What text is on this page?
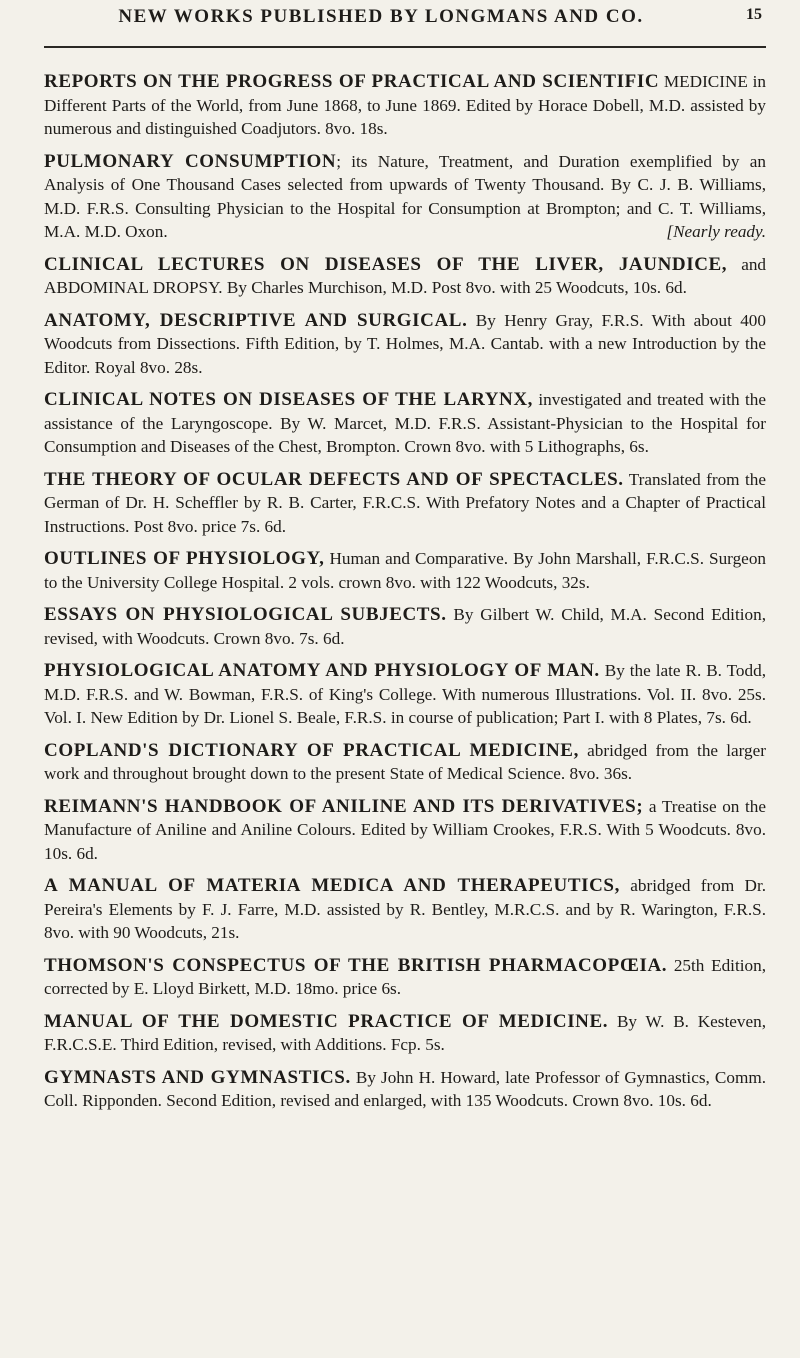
NEW WORKS PUBLISHED BY LONGMANS AND CO.	15

REPORTS ON THE PROGRESS OF PRACTICAL AND SCIENTIFIC MEDICINE in Different Parts of the World, from June 1868, to June 1869. Edited by Horace Dobell, M.D. assisted by numerous and distinguished Coadjutors. 8vo. 18s.

PULMONARY CONSUMPTION; its Nature, Treatment, and Duration exemplified by an Analysis of One Thousand Cases selected from upwards of Twenty Thousand. By C. J. B. Williams, M.D. F.R.S. Consulting Physician to the Hospital for Consumption at Brompton; and C. T. Williams, M.A. M.D. Oxon.	[Nearly ready.

CLINICAL LECTURES ON DISEASES OF THE LIVER, JAUNDICE, and ABDOMINAL DROPSY. By Charles Murchison, M.D. Post 8vo. with 25 Woodcuts, 10s. 6d.

ANATOMY, DESCRIPTIVE AND SURGICAL. By Henry Gray, F.R.S. With about 400 Woodcuts from Dissections. Fifth Edition, by T. Holmes, M.A. Cantab. with a new Introduction by the Editor. Royal 8vo. 28s.

CLINICAL NOTES ON DISEASES OF THE LARYNX, investigated and treated with the assistance of the Laryngoscope. By W. Marcet, M.D. F.R.S. Assistant-Physician to the Hospital for Consumption and Diseases of the Chest, Brompton. Crown 8vo. with 5 Lithographs, 6s.

THE THEORY OF OCULAR DEFECTS AND OF SPECTACLES. Translated from the German of Dr. H. Scheffler by R. B. Carter, F.R.C.S. With Prefatory Notes and a Chapter of Practical Instructions. Post 8vo. price 7s. 6d.

OUTLINES OF PHYSIOLOGY, Human and Comparative. By John Marshall, F.R.C.S. Surgeon to the University College Hospital. 2 vols. crown 8vo. with 122 Woodcuts, 32s.

ESSAYS ON PHYSIOLOGICAL SUBJECTS. By Gilbert W. Child, M.A. Second Edition, revised, with Woodcuts. Crown 8vo. 7s. 6d.

PHYSIOLOGICAL ANATOMY AND PHYSIOLOGY OF MAN. By the late R. B. Todd, M.D. F.R.S. and W. Bowman, F.R.S. of King's College. With numerous Illustrations. Vol. II. 8vo. 25s. Vol. I. New Edition by Dr. Lionel S. Beale, F.R.S. in course of publication; Part I. with 8 Plates, 7s. 6d.

COPLAND'S DICTIONARY OF PRACTICAL MEDICINE, abridged from the larger work and throughout brought down to the present State of Medical Science. 8vo. 36s.

REIMANN'S HANDBOOK OF ANILINE AND ITS DERIVATIVES; a Treatise on the Manufacture of Aniline and Aniline Colours. Edited by William Crookes, F.R.S. With 5 Woodcuts. 8vo. 10s. 6d.

A MANUAL OF MATERIA MEDICA AND THERAPEUTICS, abridged from Dr. Pereira's Elements by F. J. Farre, M.D. assisted by R. Bentley, M.R.C.S. and by R. Warington, F.R.S. 8vo. with 90 Woodcuts, 21s.

THOMSON'S CONSPECTUS OF THE BRITISH PHARMACOPŒIA. 25th Edition, corrected by E. Lloyd Birkett, M.D. 18mo. price 6s.

MANUAL OF THE DOMESTIC PRACTICE OF MEDICINE. By W. B. Kesteven, F.R.C.S.E. Third Edition, revised, with Additions. Fcp. 5s.

GYMNASTS AND GYMNASTICS. By John H. Howard, late Professor of Gymnastics, Comm. Coll. Ripponden. Second Edition, revised and enlarged, with 135 Woodcuts. Crown 8vo. 10s. 6d.
